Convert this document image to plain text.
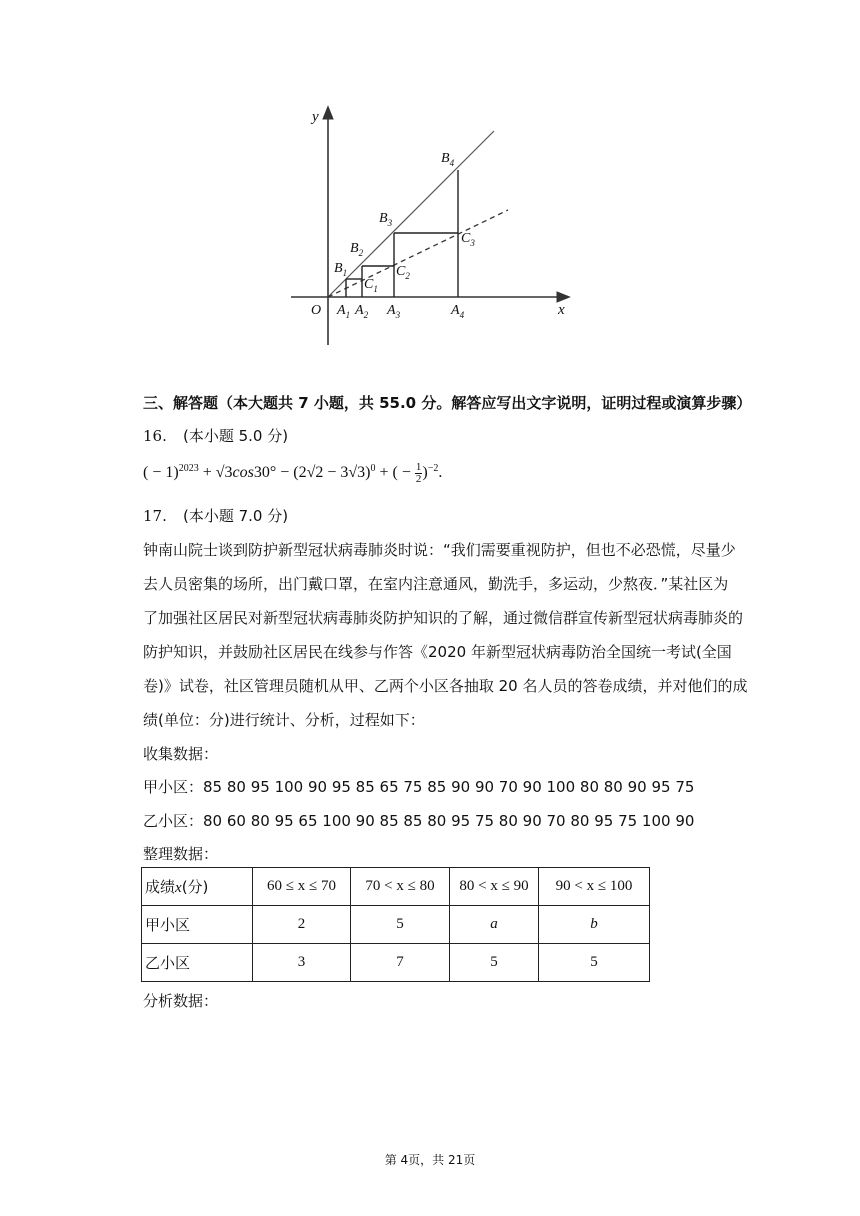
y
x
O $A_1$ $A_2$ $A_3$	$A_4$
$B_1$
$B_2$
$B_3$
$B_4$
$C_1$
$C_2$
$C_3$
三、解答题（本大题共 7 小题，共 55.0 分。解答应写出文字说明，证明过程或演算步骤）
16. (本小题 5.0 分)
( − $1)^{2023} + √3\cos 30^\circ - (2√2 - 3√3)^0$ + ( − $\frac{1}{2} )^{-2}$.
17. (本小题 7.0 分)
钟南山院士谈到防护新型冠状病毒肺炎时说：“我们需要重视防护，但也不必恐慌，尽量少
去人员密集的场所，出门戴口罩，在室内注意通风，勤洗手，多运动，少熬夜．”某社区为
了加强社区居民对新型冠状病毒肺炎防护知识的了解，通过微信群宣传新型冠状病毒肺炎的
防护知识，并鼓励社区居民在线参与作答《2020 年新型冠状病毒防治全国统一考试(全国
卷)》试卷，社区管理员随机从甲、乙两个小区各抽取 20 名人员的答卷成绩，并对他们的成
绩(单位：分)进行统计、分析，过程如下：
收集数据：
甲小区：85 80 95 100 90 95 85 65 75 85 90 90 70 90 100 80 80 90 95 75
乙小区：80 60 80 95 65 100 90 85 85 80 95 75 80 90 70 80 95 75 100 90
整理数据：
成绩x(分)	60 ≤ x ≤ 70	70 < x ≤ 80	80 < x ≤ 90	90 < x ≤ 100
甲小区	2	5	a	b
乙小区	3	7	5	5
分析数据：
第 4页，共 21页
